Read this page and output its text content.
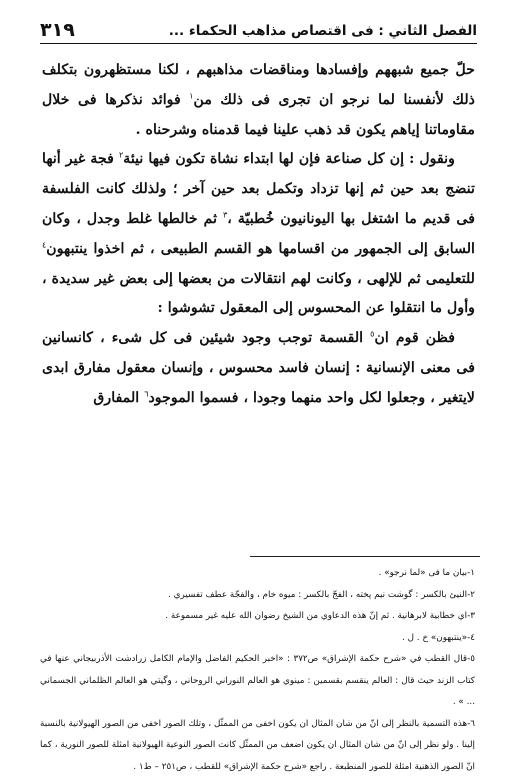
٣١٩	الفصل الثاني : فى اقتصاص مذاهب الحكماء ...

حلّ جميع شبههم وإفسادها ومناقضات مذاهبهم ، لكنا مستظهرون بتكلف ذلك لأنفسنا لما نرجو ان تجرى فى ذلك من$^١$ فوائد نذكرها فى خلال مقاوماتنا إياهم يكون قد ذهب علينا فيما قدمناه وشرحناه .

ونقول : إن كل صناعة فإن لها ابتداء نشاة تكون فيها نيئة$^٢$ فجة غير أنها تنضج بعد حين ثم إنها تزداد وتكمل بعد حين آخر ؛ ولذلك كانت الفلسفة فى قديم ما اشتغل بها اليونانيون خُطبيّة ،$^٣$ ثم خالطها غلط وجدل ، وكان السابق إلى الجمهور من اقسامها هو القسم الطبيعى ، ثم اخذوا ينتبهون$^٤$ للتعليمى ثم للإلهى ، وكانت لهم انتقالات من بعضها إلى بعض غير سديدة ، وأول ما انتقلوا عن المحسوس إلى المعقول تشوشوا :

فظن قوم ان$^٥$ القسمة توجب وجود شيئين فى كل شىء ، كانسانين فى معنى الإنسانية : إنسان فاسد محسوس ، وإنسان معقول مفارق ابدى لايتغير ، وجعلوا لكل واحد منهما وجودا ، فسموا الموجود$^٦$ المفارق

١-بيان ما فى «لما نرجو» .

٢-النيئ بالكسر : گوشت نيم پخته ، الفجّ بالكسر : ميوه خام ، والفجّة عطف تفسيري .

٣-اي خطابية لابرهانية . ثم إنّ هذه الدعاوي من الشيخ رضوان الله عليه غير مسموعة .

٤-«ينتبهون» خ . ل .

٥-قال القطب في «شرح حكمة الإشراق» ص٣٧٢ : «اخبر الحكيم الفاضل والإمام الكامل زرادشت الأذربيجاني عنها في كتاب الزند حيث قال : العالم ينقسم بقسمين : مينوي هو العالم النوراني الروحاني ، وگيتي هو العالم الظلماني الجسماني ... » .

٦-هذه التسمية بالنظر إلى انّ من شان المثال ان يكون اخفى من الممثّل ، وتلك الصور اخفى من الصور الهيولانية بالنسبة إلينا . ولو نظر إلى انّ من شان المثال ان يكون اضعف من الممثّل كانت الصور النوعية الهيولانية امثلة للصور النورية ، كما انّ الصور الذهنية امثلة للصور المنطبعة . راجع «شرح حكمة الإشراق» للقطب ، ص٢٥١ – ط١ .
